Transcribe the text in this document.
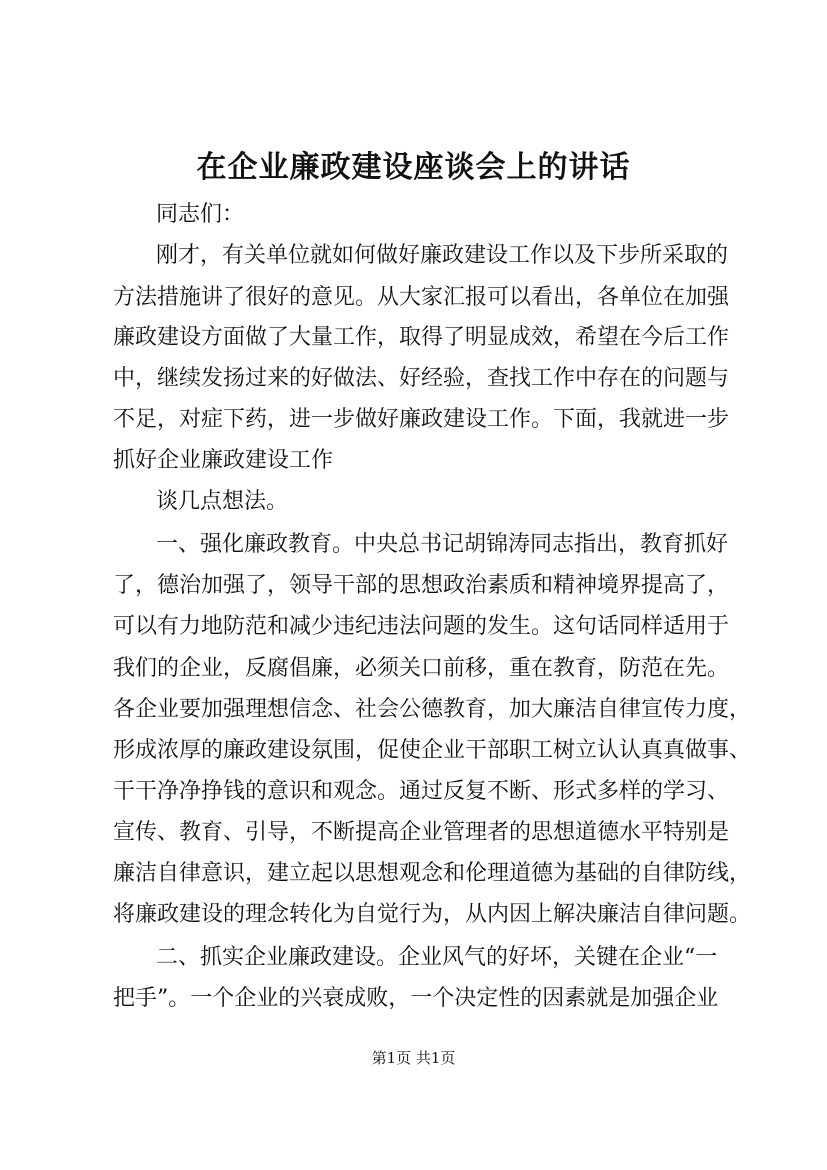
在企业廉政建设座谈会上的讲话

同志们：

刚才，有关单位就如何做好廉政建设工作以及下步所采取的

方法措施讲了很好的意见。从大家汇报可以看出，各单位在加强

廉政建设方面做了大量工作，取得了明显成效，希望在今后工作

中，继续发扬过来的好做法、好经验，查找工作中存在的问题与

不足，对症下药，进一步做好廉政建设工作。下面，我就进一步

抓好企业廉政建设工作

谈几点想法。

一、强化廉政教育。中央总书记胡锦涛同志指出，教育抓好

了，德治加强了，领导干部的思想政治素质和精神境界提高了，

可以有力地防范和减少违纪违法问题的发生。这句话同样适用于

我们的企业，反腐倡廉，必须关口前移，重在教育，防范在先。

各企业要加强理想信念、社会公德教育，加大廉洁自律宣传力度，

形成浓厚的廉政建设氛围，促使企业干部职工树立认认真真做事、

干干净净挣钱的意识和观念。通过反复不断、形式多样的学习、

宣传、教育、引导，不断提高企业管理者的思想道德水平特别是

廉洁自律意识，建立起以思想观念和伦理道德为基础的自律防线，

将廉政建设的理念转化为自觉行为，从内因上解决廉洁自律问题。

二、抓实企业廉政建设。企业风气的好坏，关键在企业“一

把手”。一个企业的兴衰成败，一个决定性的因素就是加强企业

第1页 共1页
